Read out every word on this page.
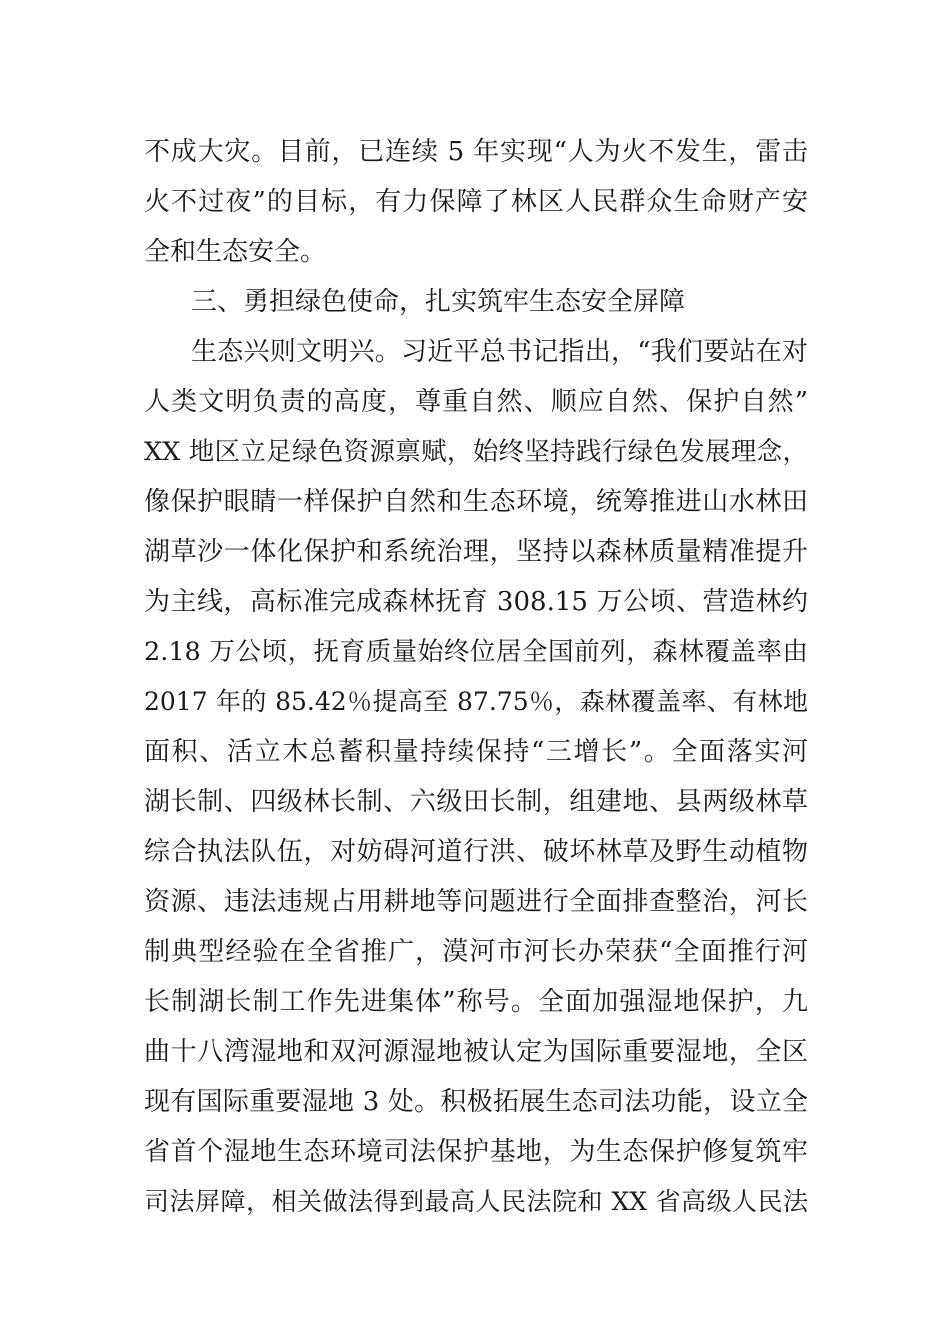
不成大灾。目前，已连续 5 年实现“人为火不发生，雷击
火不过夜”的目标，有力保障了林区人民群众生命财产安
全和生态安全。
三、勇担绿色使命，扎实筑牢生态安全屏障
生态兴则文明兴。习近平总书记指出，“我们要站在对
人类文明负责的高度，尊重自然、顺应自然、保护自然”
XX 地区立足绿色资源禀赋，始终坚持践行绿色发展理念，
像保护眼睛一样保护自然和生态环境，统筹推进山水林田
湖草沙一体化保护和系统治理，坚持以森林质量精准提升
为主线，高标准完成森林抚育 308.15 万公顷、营造林约
2.18 万公顷，抚育质量始终位居全国前列，森林覆盖率由
2017 年的 85.42％提高至 87.75％，森林覆盖率、有林地
面积、活立木总蓄积量持续保持“三增长”。全面落实河
湖长制、四级林长制、六级田长制，组建地、县两级林草
综合执法队伍，对妨碍河道行洪、破坏林草及野生动植物
资源、违法违规占用耕地等问题进行全面排查整治，河长
制典型经验在全省推广，漠河市河长办荣获“全面推行河
长制湖长制工作先进集体”称号。全面加强湿地保护，九
曲十八湾湿地和双河源湿地被认定为国际重要湿地，全区
现有国际重要湿地 3 处。积极拓展生态司法功能，设立全
省首个湿地生态环境司法保护基地，为生态保护修复筑牢
司法屏障，相关做法得到最高人民法院和 XX 省高级人民法
